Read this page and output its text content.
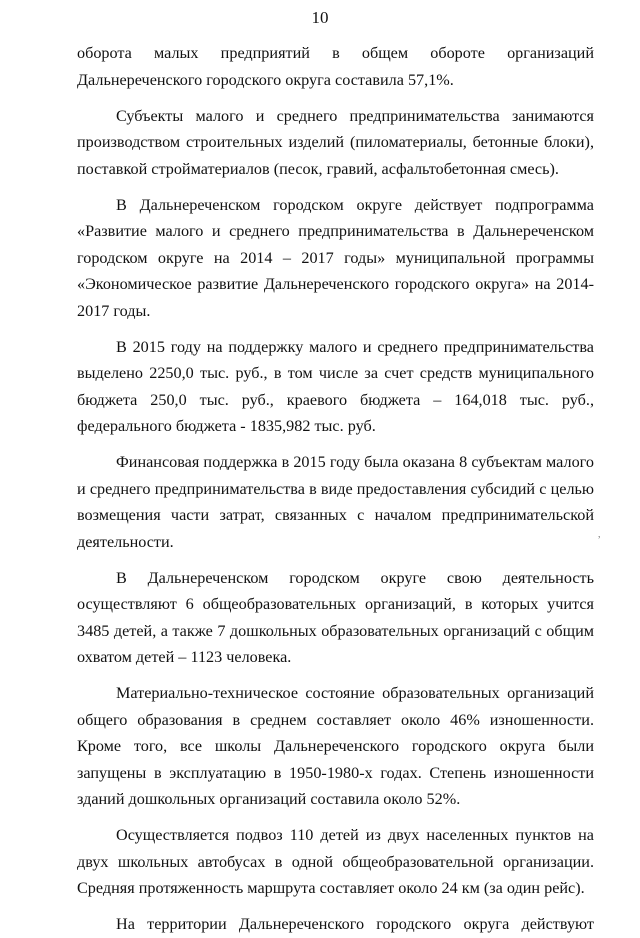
10

оборота малых предприятий в общем обороте организаций Дальнереченского городского округа составила 57,1%.

Субъекты малого и среднего предпринимательства занимаются производством строительных изделий (пиломатериалы, бетонные блоки), поставкой стройматериалов (песок, гравий, асфальтобетонная смесь).

В Дальнереченском городском округе действует подпрограмма «Развитие малого и среднего предпринимательства в Дальнереченском городском округе на 2014 – 2017 годы» муниципальной программы «Экономическое развитие Дальнереченского городского округа» на 2014-2017 годы.

В 2015 году на поддержку малого и среднего предпринимательства выделено 2250,0 тыс. руб., в том числе за счет средств муниципального бюджета 250,0 тыс. руб., краевого бюджета – 164,018 тыс. руб., федерального бюджета - 1835,982 тыс. руб.

Финансовая поддержка в 2015 году была оказана 8 субъектам малого и среднего предпринимательства в виде предоставления субсидий с целью возмещения части затрат, связанных с началом предпринимательской деятельности.

В Дальнереченском городском округе свою деятельность осуществляют 6 общеобразовательных организаций, в которых учится 3485 детей, а также 7 дошкольных образовательных организаций с общим охватом детей – 1123 человека.

Материально-техническое состояние образовательных организаций общего образования в среднем составляет около 46% изношенности. Кроме того, все школы Дальнереченского городского округа были запущены в эксплуатацию в 1950-1980-х годах. Степень изношенности зданий дошкольных организаций составила около 52%.

Осуществляется подвоз 110 детей из двух населенных пунктов на двух школьных автобусах в одной общеобразовательной организации. Средняя протяженность маршрута составляет около 24 км (за один рейс).

На территории Дальнереченского городского округа действуют

,
